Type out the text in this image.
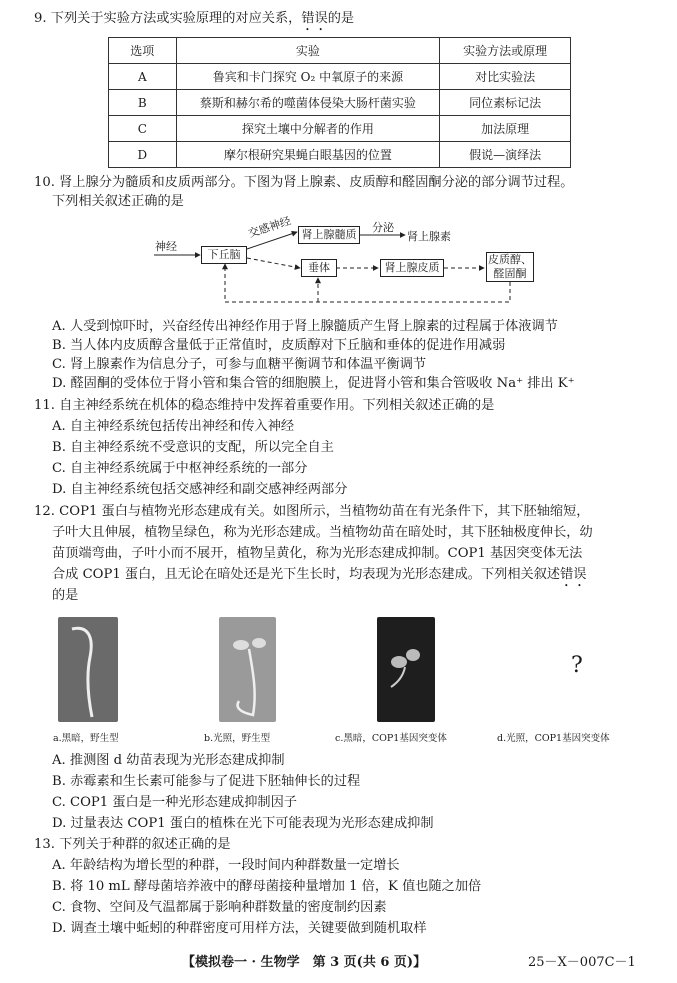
9. 下列关于实验方法或实验原理的对应关系，错误的是
选项	实验	实验方法或原理
A	鲁宾和卡门探究 O₂ 中氧原子的来源	对比实验法
B	蔡斯和赫尔希的噬菌体侵染大肠杆菌实验	同位素标记法
C	探究土壤中分解者的作用	加法原理
D	摩尔根研究果蝇白眼基因的位置	假说—演绎法
10. 肾上腺分为髓质和皮质两部分。下图为肾上腺素、皮质醇和醛固酮分泌的部分调节过程。
下列相关叙述正确的是
神经
下丘脑
交感神经 肾上腺髓质
分泌
肾上腺素
垂体	肾上腺皮质
皮质醇、醛固酮
A. 人受到惊吓时，兴奋经传出神经作用于肾上腺髓质产生肾上腺素的过程属于体液调节
B. 当人体内皮质醇含量低于正常值时，皮质醇对下丘脑和垂体的促进作用减弱
C. 肾上腺素作为信息分子，可参与血糖平衡调节和体温平衡调节
D. 醛固酮的受体位于肾小管和集合管的细胞膜上，促进肾小管和集合管吸收 Na⁺ 排出 K⁺
11. 自主神经系统在机体的稳态维持中发挥着重要作用。下列相关叙述正确的是
A. 自主神经系统包括传出神经和传入神经
B. 自主神经系统不受意识的支配，所以完全自主
C. 自主神经系统属于中枢神经系统的一部分
D. 自主神经系统包括交感神经和副交感神经两部分
12. COP1 蛋白与植物光形态建成有关。如图所示，当植物幼苗在有光条件下，其下胚轴缩短，
子叶大且伸展，植物呈绿色，称为光形态建成。当植物幼苗在暗处时，其下胚轴极度伸长，幼
苗顶端弯曲，子叶小而不展开，植物呈黄化，称为光形态建成抑制。COP1 基因突变体无法
合成 COP1 蛋白，且无论在暗处还是光下生长时，均表现为光形态建成。下列相关叙述错误
的是
?
a.黑暗，野生型	b.光照，野生型	c.黑暗，COP1基因突变体	d.光照，COP1基因突变体
A. 推测图 d 幼苗表现为光形态建成抑制
B. 赤霉素和生长素可能参与了促进下胚轴伸长的过程
C. COP1 蛋白是一种光形态建成抑制因子
D. 过量表达 COP1 蛋白的植株在光下可能表现为光形态建成抑制
13. 下列关于种群的叙述正确的是
A. 年龄结构为增长型的种群，一段时间内种群数量一定增长
B. 将 10 mL 酵母菌培养液中的酵母菌接种量增加 1 倍，K 值也随之加倍
C. 食物、空间及气温都属于影响种群数量的密度制约因素
D. 调查土壤中蚯蚓的种群密度可用样方法，关键要做到随机取样
【模拟卷一 · 生物学　第 3 页(共 6 页)】	25－X－007C－1
